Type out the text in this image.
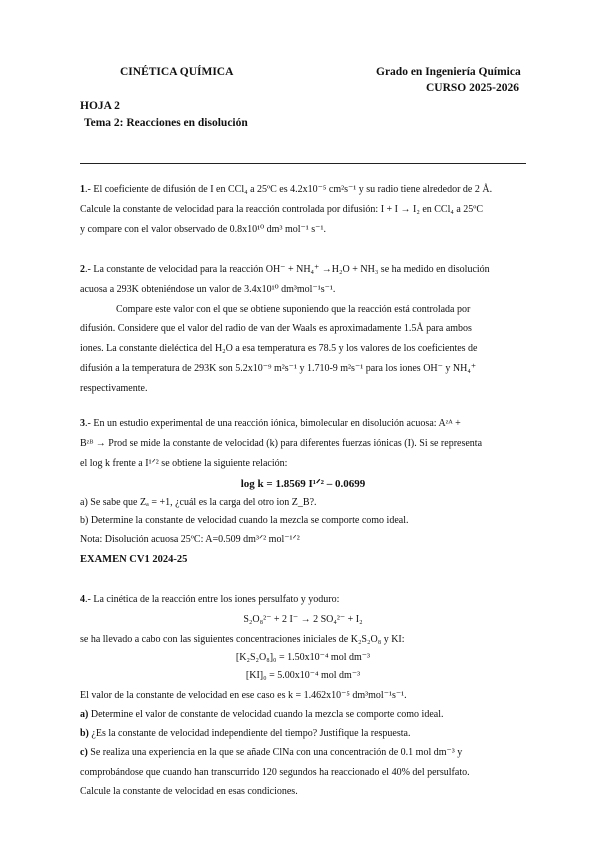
CINÉTICA QUÍMICA	Grado en Ingeniería Química
CURSO 2025-2026
HOJA 2
Tema 2: Reacciones en disolución
1.- El coeficiente de difusión de I en CCl₄ a 25ºC es 4.2x10⁻⁵ cm²s⁻¹ y su radio tiene alrededor de 2 Å.
Calcule la constante de velocidad para la reacción controlada por difusión: I + I → I₂ en CCl₄ a 25ºC
y compare con el valor observado de 0.8x10¹⁰ dm³ mol⁻¹ s⁻¹.
2.- La constante de velocidad para la reacción OH⁻ + NH₄⁺ →H₂O + NH₃ se ha medido en disolución
acuosa a 293K obteniéndose un valor de 3.4x10¹⁰ dm³mol⁻¹s⁻¹.
Compare este valor con el que se obtiene suponiendo que la reacción está controlada por
difusión. Considere que el valor del radio de van der Waals es aproximadamente 1.5Å para ambos
iones. La constante dieléctica del H₂O a esa temperatura es 78.5 y los valores de los coeficientes de
difusión a la temperatura de 293K son 5.2x10⁻⁹ m²s⁻¹ y 1.710-9 m²s⁻¹ para los iones OH⁻ y NH₄⁺
respectivamente.
3.- En un estudio experimental de una reacción iónica, bimolecular en disolución acuosa: Aᶻᴬ +
Bᶻᴮ → Prod se mide la constante de velocidad (k) para diferentes fuerzas iónicas (I). Si se representa
el log k frente a I¹ᐟ² se obtiene la siguiente relación:
log k = 1.8569 I¹ᐟ² – 0.0699
a) Se sabe que Zₐ = +1, ¿cuál es la carga del otro ion Z_B?.
b) Determine la constante de velocidad cuando la mezcla se comporte como ideal.
Nota: Disolución acuosa 25ºC: A=0.509 dm³ᐟ² mol⁻¹ᐟ²
EXAMEN CV1 2024-25
4.- La cinética de la reacción entre los iones persulfato y yoduro:
S₂O₈²⁻ + 2 I⁻ → 2 SO₄²⁻ + I₂
se ha llevado a cabo con las siguientes concentraciones iniciales de K₂S₂O₈ y KI:
[K₂S₂O₈]₀ = 1.50x10⁻⁴ mol dm⁻³
[KI]₀ = 5.00x10⁻⁴ mol dm⁻³
El valor de la constante de velocidad en ese caso es k = 1.462x10⁻⁵ dm³mol⁻¹s⁻¹.
a) Determine el valor de constante de velocidad cuando la mezcla se comporte como ideal.
b) ¿Es la constante de velocidad independiente del tiempo? Justifique la respuesta.
c) Se realiza una experiencia en la que se añade ClNa con una concentración de 0.1 mol dm⁻³ y
comprobándose que cuando han transcurrido 120 segundos ha reaccionado el 40% del persulfato.
Calcule la constante de velocidad en esas condiciones.
